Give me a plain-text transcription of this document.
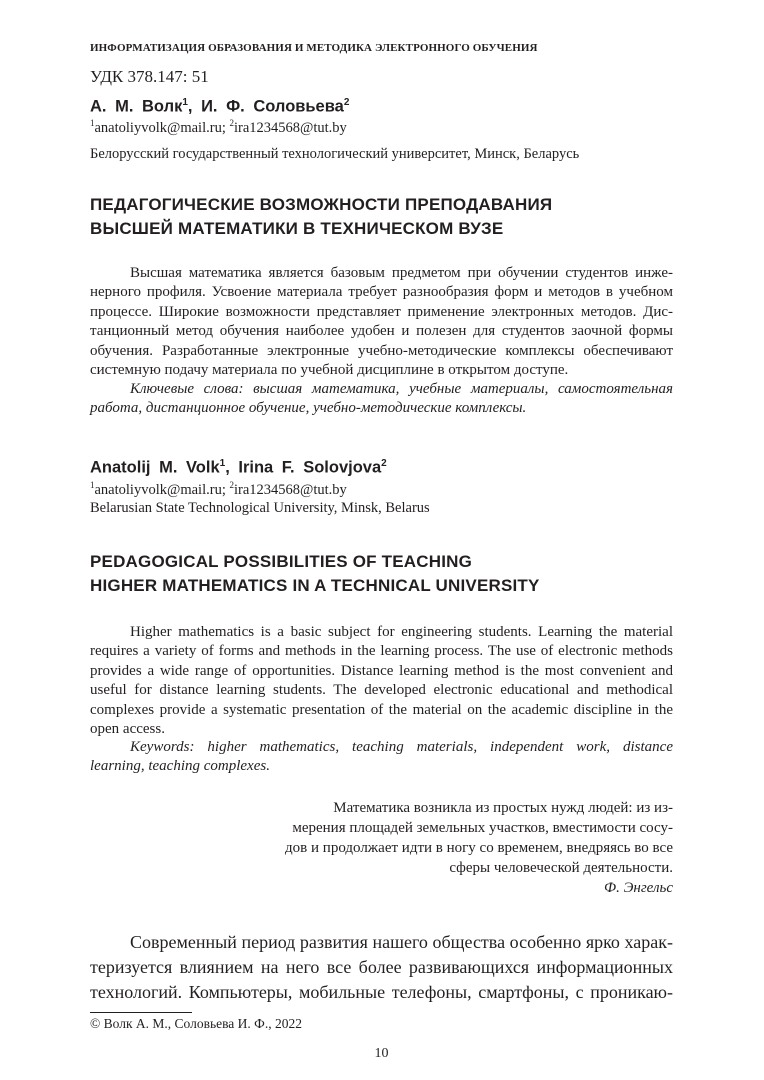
ИНФОРМАТИЗАЦИЯ ОБРАЗОВАНИЯ И МЕТОДИКА ЭЛЕКТРОННОГО ОБУЧЕНИЯ
УДК 378.147: 51
А. М. Волк$^1$, И. Ф. Соловьева$^2$
$^1$anatoliyvolk@mail.ru; $^2$ira1234568@tut.by
Белорусский государственный технологический университет, Минск, Беларусь
ПЕДАГОГИЧЕСКИЕ ВОЗМОЖНОСТИ ПРЕПОДАВАНИЯ
ВЫСШЕЙ МАТЕМАТИКИ В ТЕХНИЧЕСКОМ ВУЗЕ
Высшая математика является базовым предметом при обучении студентов инже-
нерного профиля. Усвоение материала требует разнообразия форм и методов в учебном
процессе. Широкие возможности представляет применение электронных методов. Дис-
танционный метод обучения наиболее удобен и полезен для студентов заочной формы
обучения. Разработанные электронные учебно-методические комплексы обеспечивают
системную подачу материала по учебной дисциплине в открытом доступе.
Ключевые слова: высшая математика, учебные материалы, самостоятельная
работа, дистанционное обучение, учебно-методические комплексы.
Anatolij M. Volk$^1$, Irina F. Solovjova$^2$
$^1$anatoliyvolk@mail.ru; $^2$ira1234568@tut.by
Belarusian State Technological University, Minsk, Belarus
PEDAGOGICAL POSSIBILITIES OF TEACHING
HIGHER MATHEMATICS IN A TECHNICAL UNIVERSITY
Higher mathematics is a basic subject for engineering students. Learning the material
requires a variety of forms and methods in the learning process. The use of electronic methods
provides a wide range of opportunities. Distance learning method is the most convenient and
useful for distance learning students. The developed electronic educational and methodical
complexes provide a systematic presentation of the material on the academic discipline in the
open access.
Keywords: higher mathematics, teaching materials, independent work, distance
learning, teaching complexes.
Математика возникла из простых нужд людей: из из-
мерения площадей земельных участков, вместимости сосу-
дов и продолжает идти в ногу со временем, внедряясь во все
сферы человеческой деятельности.
Ф. Энгельс
Современный период развития нашего общества особенно ярко харак-
теризуется влиянием на него все более развивающихся информационных
технологий. Компьютеры, мобильные телефоны, смартфоны, с проникаю-
© Волк А. М., Соловьева И. Ф., 2022
10
